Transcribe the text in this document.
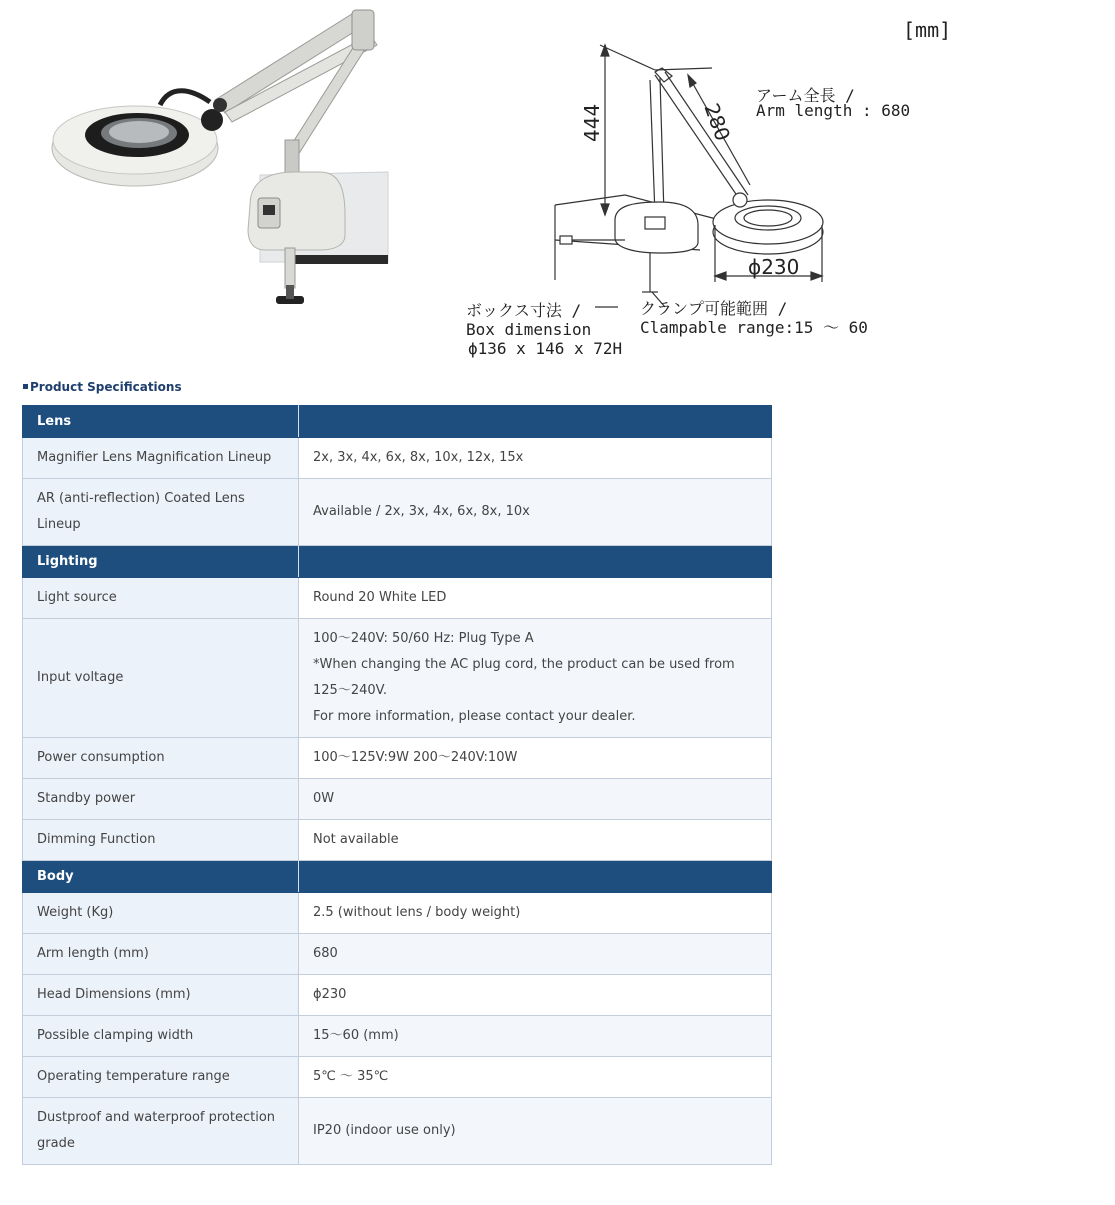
[mm]
アーム全長 /
Arm length : 680
444	280
ϕ230
ボックス寸法 /
Box dimension
ϕ136 x 146 x 72H
クランプ可能範囲 /
Clampable range:15 ～ 60
Product Specifications
Lens	
Magnifier Lens Magnification Lineup	2x, 3x, 4x, 6x, 8x, 10x, 12x, 15x

AR (anti-reflection) Coated Lens Lineup	Available / 2x, 3x, 4x, 6x, 8x, 10x

Lighting	
Light source	Round 20 White LED

Input voltage	100～240V: 50/60 Hz: Plug Type A
*When changing the AC plug cord, the product can be used from 125～240V.
For more information, please contact your dealer.

Power consumption	100～125V:9W 200～240V:10W

Standby power	0W

Dimming Function	Not available

Body	
Weight (Kg)	2.5 (without lens / body weight)

Arm length (mm)	680

Head Dimensions (mm)	ϕ230

Possible clamping width	15～60 (mm)

Operating temperature range	5℃ ～ 35℃

Dustproof and waterproof protection grade	IP20 (indoor use only)
